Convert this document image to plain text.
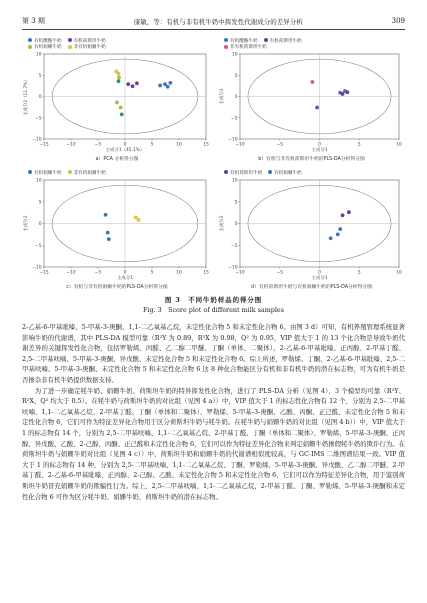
第 3 期	康敏，等：有机与非有机牛奶中挥发性代谢成分的差异分析	309
有机酸酪牛奶	有机荷斯坦牛奶
有机娟姗牛奶	非有机娟姗牛奶
−15	−10	−5	0	5	10	15
10
5
0
−5
−10
主成分1（45.1%）
主成分2（11.7%）
a）PCA 分析得分图
有机酸酪牛奶	有机荷斯坦牛奶
非有机荷斯坦牛奶
−10	−5	0	5	10
10
5
0
−5
−10
主成分1
主成分2
b）有机与非有机荷斯坦牛奶的PLS-DA分析得分图
有机娟姗牛奶	非有机娟姗牛奶
−15	−10	−5	0	5	10	15
10
5
0
−5
−10
主成分1
主成分2
c）有机与非有机娟姗牛奶的PLS-DA分析得分图
有机荷斯坦牛奶	有机娟姗牛奶
−10	−5	0	5	10
10
5
0
−5
−10
主成分1
主成分2
d）有机荷斯坦牛奶与有机娟姗牛奶的PLS-DA分析得分图
图 3　不同牛奶样品的得分图
Fig. 3　Score plot of different milk samples

2-乙基-6-甲基吡嗪、5-甲基-3-庚酮、1,1-二乙氧基乙烷、未定性化合物 5 和未定性化合物 6。由图 3 d）可知，有机养殖管理系统显著影响牛奶的代谢谱，其中 PLS-DA 模型可靠（R²Y 为 0.89，R²X 为 0.98，Q² 为 0.95，VIP 值大于 1 的 13 个化合物是导致牛奶代谢差异的关键挥发性化合物，包括罗勒烯、丙醛、乙二醇二甲醚、丁酮（单体、二聚体）、2-乙基-6-甲基吡嗪、正丙醇、2-甲基丁醛、2,5-二甲基呋喃、5-甲基-3-庚酮、异戊酸、未定性化合物 5 和未定性化合物 6。综上所述，罗勒烯、丁酮、2-乙基-6-甲基吡嗪、2,5-二甲基呋喃、5-甲基-3-庚酮、未定性化合物 5 和未定性化合物 6 这 8 种化合物能区分有机和非有机牛奶的潜在标志物，可为有机牛奶是否掺杂非有机牛奶提供数据支持。

为了进一步确定牦牛奶、娟姗牛奶、荷斯坦牛奶的特异挥发性化合物，进行了 PLS-DA 分析（见图 4），3 个模型均可靠（R²Y、R²X、Q² 均大于 0.5）。在牦牛奶与荷斯坦牛奶的对比组（见图 4 a））中，VIP 值大于 1 的标志性化合物有 12 个，分别为 2,5-二甲基呋喃、1,1-二乙氧基乙烷、2-甲基丁醛、丁酮（单体和二聚体）、罗勒烯、5-甲基-3-庚酮、乙酸、丙酮、正己醛、未定性化合物 5 和未定性化合物 6，它们可作为特征差异化合物用于区分荷斯坦牛奶与牦牛奶。在牦牛奶与娟姗牛奶的对比组（见图 4 b））中，VIP 值大于 1 的标志物有 14 个，分别为 2,5-二甲基呋喃、1,1-二乙氧基乙烷、2-甲基丁醛、丁酮（单体和二聚体）、罗勒烯、5-甲基-3-庚酮、正丙醇、异戊酸、乙酸、2-己醇、丙酮、正己醛和未定性化合物 6，它们可以作为特征差异化合物来判定娟姗牛奶掺假牦牛奶的欺诈行为。在荷斯坦牛奶与娟姗牛奶对比组（见图 4 c））中，荷斯坦牛奶和娟姗牛奶的代谢谱相似度较高，与 GC-IMS 二维图谱结果一致。VIP 值大于 1 的标志物有 14 种，分别为 2,5-二甲基呋喃、1,1-二乙氧基乙烷、丁酮、罗勒烯、5-甲基-3-庚酮、异戊酸、乙二醇二甲醚、2-甲基丁醛、2-乙基-6-甲基吡嗪、正丙醇、2-己醇、乙酸、未定性化合物 5 和未定性化合物 6，它们可以作为特征差异化合物，用于鉴别荷斯坦牛奶冒充娟姗牛奶的欺骗性行为。综上，2,5-二甲基呋喃、1,1-二乙氧基乙烷、2-甲基丁醛、丁酮、罗勒烯、5-甲基-3-庚酮和未定性化合物 6 可作为区分牦牛奶、娟姗牛奶、荷斯坦牛奶的潜在标志物。
